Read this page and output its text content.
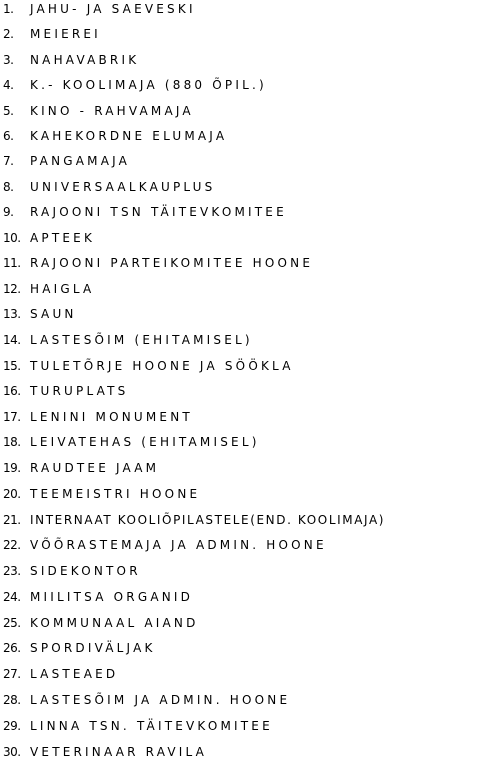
1.	JAHU- JA SAEVESKI
2.	MEIEREI
3.	NAHAVABRIK
4.	K.- KOOLIMAJA (880 ÕPIL.)
5.	KINO - RAHVAMAJA
6.	KAHEKORDNE ELUMAJA
7.	PANGAMAJA
8.	UNIVERSAALKAUPLUS
9.	RAJOONI TSN TÄITEVKOMITEE
10. APTEEK
11. RAJOONI PARTEIKOMITEE HOONE
12. HAIGLA
13. SAUN
14. LASTESÕIM (EHITAMISEL)
15. TULETÕRJE HOONE JA SÖÖKLA
16. TURUPLATS
17. LENINI MONUMENT
18. LEIVATEHAS (EHITAMISEL)
19. RAUDTEE JAAM
20. TEEMEISTRI HOONE
21. INTERNAAT KOOLIÕPILASTELE(END. KOOLIMAJA)
22. VÕÕRASTEMAJA JA ADMIN. HOONE
23. SIDEKONTOR
24. MIILITSA ORGANID
25. KOMMUNAAL AIAND
26. SPORDIVÄLJAK
27. LASTEAED
28. LASTESÕIM JA ADMIN. HOONE
29. LINNA TSN. TÄITEVKOMITEE
30. VETERINAAR RAVILA
